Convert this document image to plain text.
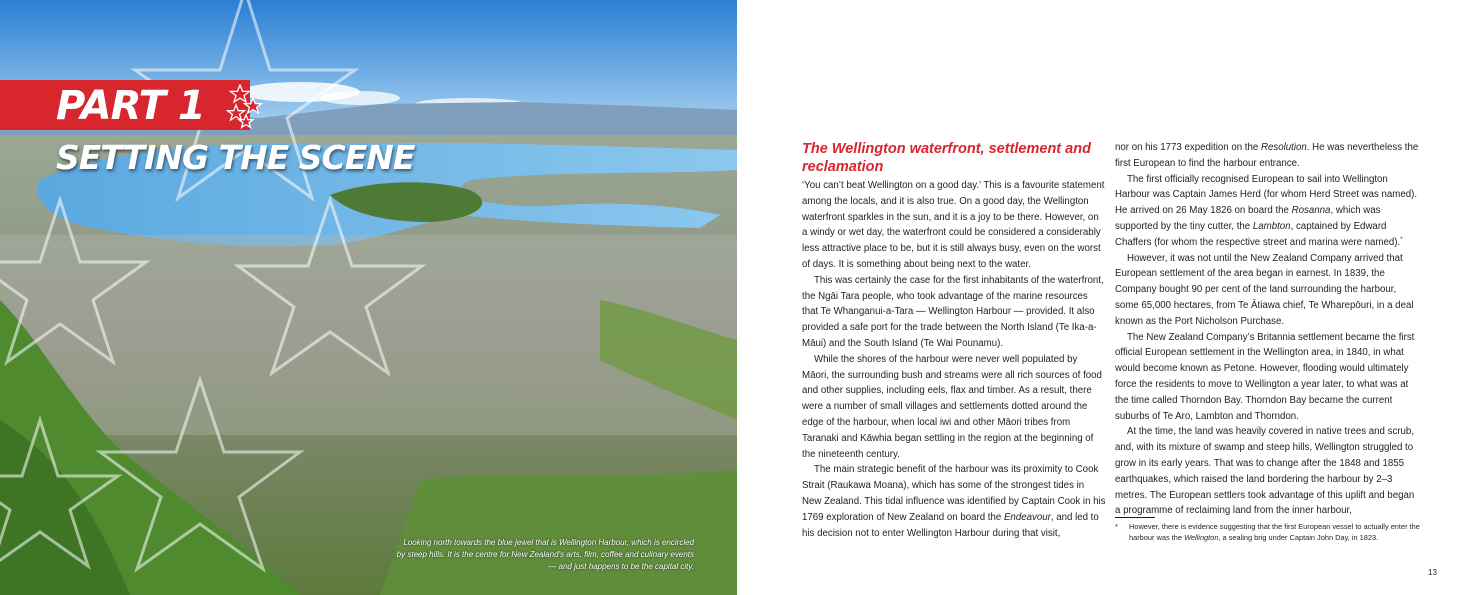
PART 1
SETTING THE SCENE
Looking north towards the blue jewel that is Wellington Harbour, which is encircled by steep hills. It is the centre for New Zealand’s arts, film, coffee and culinary events — and just happens to be the capital city.
The Wellington waterfront, settlement and reclamation

‘You can’t beat Wellington on a good day.’ This is a favourite statement among the locals, and it is also true. On a good day, the Wellington waterfront sparkles in the sun, and it is a joy to be there. However, on a windy or wet day, the waterfront could be considered a considerably less attractive place to be, but it is still always busy, even on the worst of days. It is something about being next to the water.

This was certainly the case for the first inhabitants of the waterfront, the Ngāi Tara people, who took advantage of the marine resources that Te Whanganui-a-Tara — Wellington Harbour — provided. It also provided a safe port for the trade between the North Island (Te Ika-a-Māui) and the South Island (Te Wai Pounamu).

While the shores of the harbour were never well populated by Māori, the surrounding bush and streams were all rich sources of food and other supplies, including eels, flax and timber. As a result, there were a number of small villages and settlements dotted around the edge of the harbour, when local iwi and other Māori tribes from Taranaki and Kāwhia began settling in the region at the beginning of the nineteenth century.

The main strategic benefit of the harbour was its proximity to Cook Strait (Raukawa Moana), which has some of the strongest tides in New Zealand. This tidal influence was identified by Captain Cook in his 1769 exploration of New Zealand on board the Endeavour, and led to his decision not to enter Wellington Harbour during that visit,

nor on his 1773 expedition on the Resolution. He was nevertheless the first European to find the harbour entrance.

The first officially recognised European to sail into Wellington Harbour was Captain James Herd (for whom Herd Street was named). He arrived on 26 May 1826 on board the Rosanna, which was supported by the tiny cutter, the Lambton, captained by Edward Chaffers (for whom the respective street and marina were named).*

However, it was not until the New Zealand Company arrived that European settlement of the area began in earnest. In 1839, the Company bought 90 per cent of the land surrounding the harbour, some 65,000 hectares, from Te Ātiawa chief, Te Wharepōuri, in a deal known as the Port Nicholson Purchase.

The New Zealand Company’s Britannia settlement became the first official European settlement in the Wellington area, in 1840, in what would become known as Petone. However, flooding would ultimately force the residents to move to Wellington a year later, to what was at the time called Thorndon Bay. Thorndon Bay became the current suburbs of Te Aro, Lambton and Thorndon.

At the time, the land was heavily covered in native trees and scrub, and, with its mixture of swamp and steep hills, Wellington struggled to grow in its early years. That was to change after the 1848 and 1855 earthquakes, which raised the land bordering the harbour by 2–3 metres. The European settlers took advantage of this uplift and began a programme of reclaiming land from the inner harbour,

*	However, there is evidence suggesting that the first European vessel to actually enter the harbour was the Wellington, a sealing brig under Captain John Day, in 1823.
13
